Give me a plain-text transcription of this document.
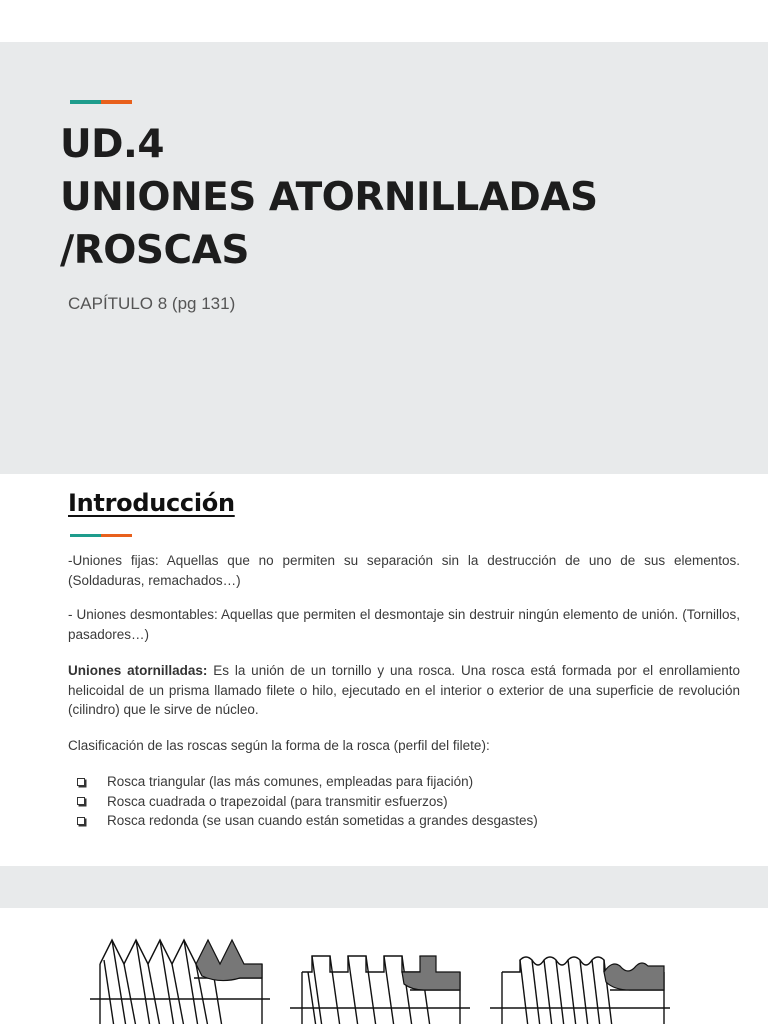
UD.4
UNIONES ATORNILLADAS
/ROSCAS
CAPÍTULO 8 (pg 131)
Introducción

-Uniones fijas: Aquellas que no permiten su separación sin la destrucción de uno de sus elementos. (Soldaduras, remachados…)

- Uniones desmontables: Aquellas que permiten el desmontaje sin destruir ningún elemento de unión. (Tornillos, pasadores…)

Uniones atornilladas: Es la unión de un tornillo y una rosca. Una rosca está formada por el enrollamiento helicoidal de un prisma llamado filete o hilo, ejecutado en el interior o exterior de una superficie de revolución (cilindro) que le sirve de núcleo.

Clasificación de las roscas según la forma de la rosca (perfil del filete):

Rosca triangular (las más comunes, empleadas para fijación)
Rosca cuadrada o trapezoidal (para transmitir esfuerzos)
Rosca redonda (se usan cuando están sometidas a grandes desgastes)
